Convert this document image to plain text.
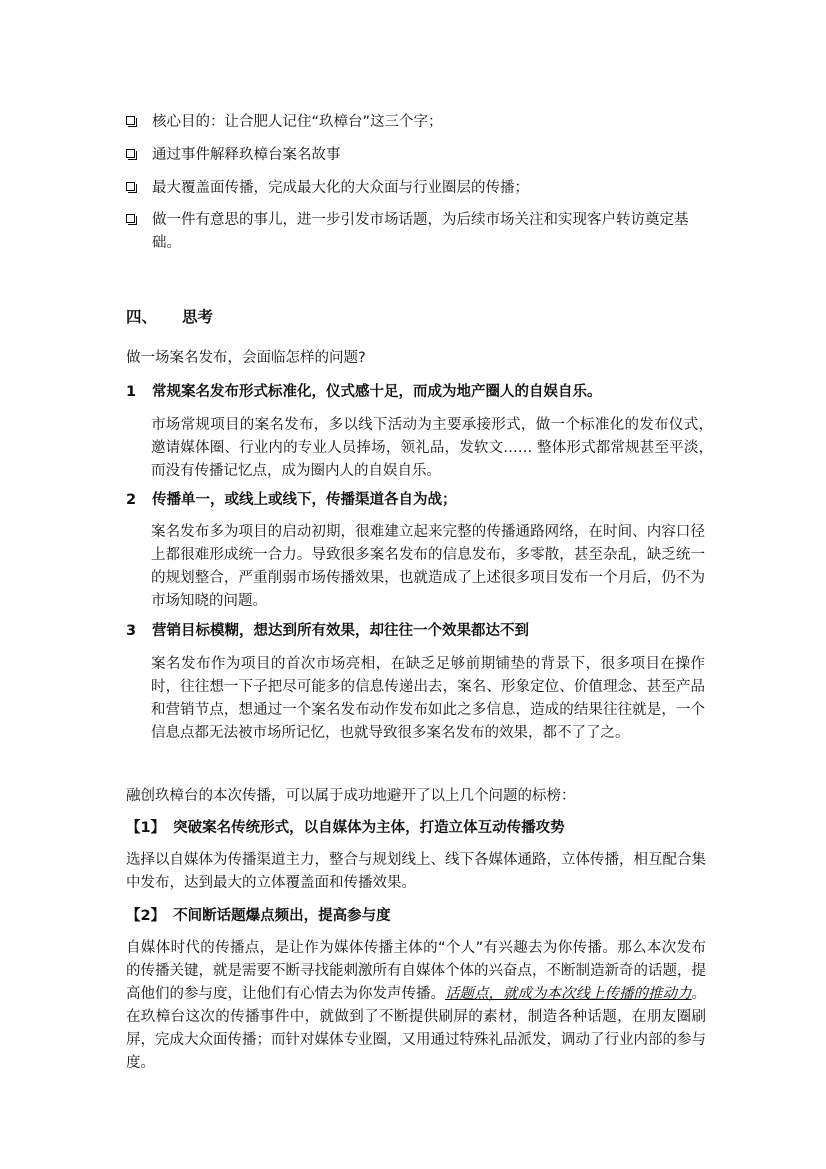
核心目的：让合肥人记住“玖樟台”这三个字；
通过事件解释玖樟台案名故事
最大覆盖面传播，完成最大化的大众面与行业圈层的传播；
做一件有意思的事儿，进一步引发市场话题，为后续市场关注和实现客户转访奠定基础。
四、 思考
做一场案名发布，会面临怎样的问题?
1 常规案名发布形式标准化，仪式感十足，而成为地产圈人的自娱自乐。

市场常规项目的案名发布，多以线下活动为主要承接形式，做一个标准化的发布仪式，邀请媒体圈、行业内的专业人员捧场，领礼品，发软文…… 整体形式都常规甚至平淡，而没有传播记忆点，成为圈内人的自娱自乐。

2 传播单一，或线上或线下，传播渠道各自为战；

案名发布多为项目的启动初期，很难建立起来完整的传播通路网络，在时间、内容口径上都很难形成统一合力。导致很多案名发布的信息发布，多零散，甚至杂乱，缺乏统一的规划整合，严重削弱市场传播效果，也就造成了上述很多项目发布一个月后，仍不为市场知晓的问题。

3 营销目标模糊，想达到所有效果，却往往一个效果都达不到

案名发布作为项目的首次市场亮相，在缺乏足够前期铺垫的背景下，很多项目在操作时，往往想一下子把尽可能多的信息传递出去，案名、形象定位、价值理念、甚至产品和营销节点，想通过一个案名发布动作发布如此之多信息，造成的结果往往就是，一个信息点都无法被市场所记忆，也就导致很多案名发布的效果，都不了了之。

融创玖樟台的本次传播，可以属于成功地避开了以上几个问题的标榜：
【1】 突破案名传统形式，以自媒体为主体，打造立体互动传播攻势

选择以自媒体为传播渠道主力，整合与规划线上、线下各媒体通路，立体传播，相互配合集中发布，达到最大的立体覆盖面和传播效果。

【2】 不间断话题爆点频出，提高参与度

自媒体时代的传播点，是让作为媒体传播主体的“个人”有兴趣去为你传播。那么本次发布的传播关键，就是需要不断寻找能刺激所有自媒体个体的兴奋点，不断制造新奇的话题，提高他们的参与度，让他们有心情去为你发声传播。话题点，就成为本次线上传播的推动力。在玖樟台这次的传播事件中，就做到了不断提供刷屏的素材，制造各种话题，在朋友圈刷屏，完成大众面传播；而针对媒体专业圈，又用通过特殊礼品派发，调动了行业内部的参与度。
